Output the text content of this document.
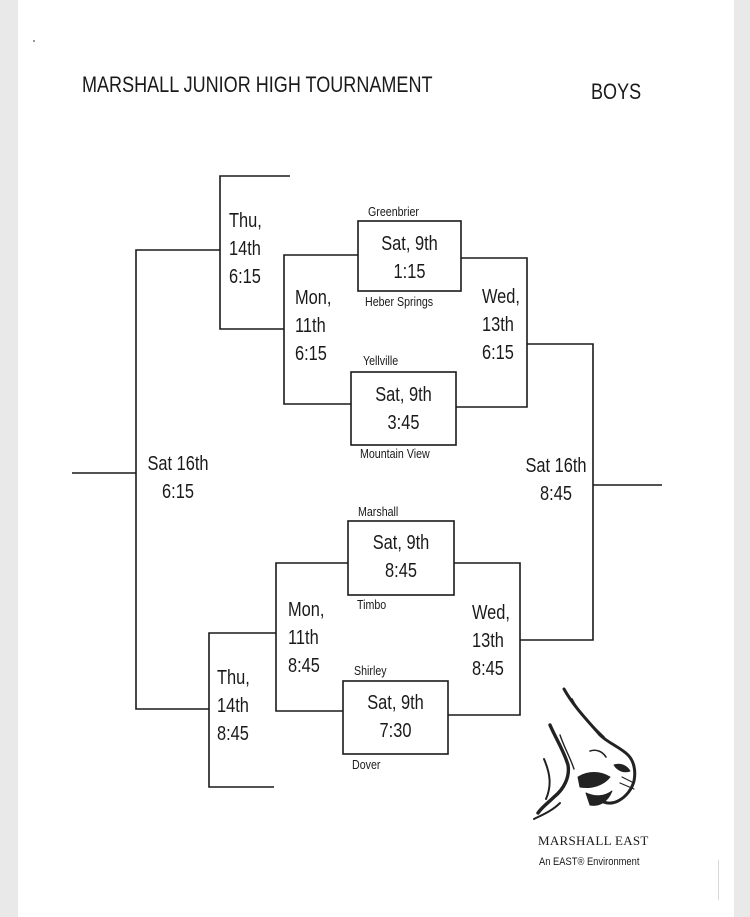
MARSHALL JUNIOR HIGH TOURNAMENT	BOYS
Greenbrier
Sat, 9th
1:15
Heber Springs
Yellville
Sat, 9th
3:45
Mountain View
Marshall
Sat, 9th
8:45
Timbo
Shirley
Sat, 9th
7:30
Dover
Mon,
11th
6:15
Wed,
13th
6:15
Thu,
14th
6:15
Mon,
11th
8:45
Wed,
13th
8:45
Thu,
14th
8:45
Sat 16th
6:15
Sat 16th
8:45
MARSHALL EAST
An EAST® Environment
